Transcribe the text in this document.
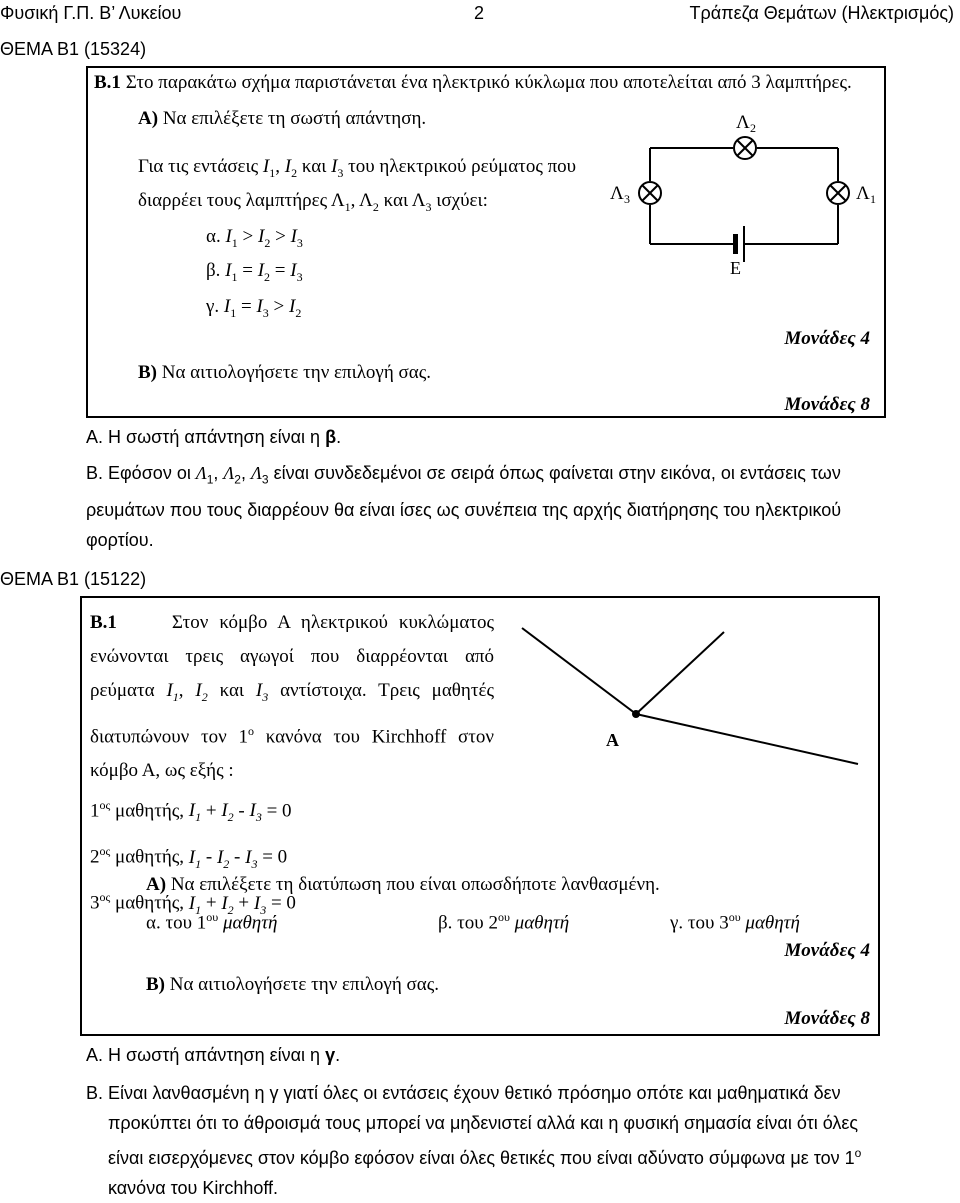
Φυσική Γ.Π. Β’ Λυκείου	2	Τράπεζα Θεμάτων (Ηλεκτρισμός)
ΘΕΜΑ Β1 (15324)
Β.1 Στο παρακάτω σχήμα παριστάνεται ένα ηλεκτρικό κύκλωμα που αποτελείται από 3 λαμπτήρες.
Α) Να επιλέξετε τη σωστή απάντηση.
Για τις εντάσεις $I_1$, $I_2$ και $I_3$ του ηλεκτρικού ρεύματος που
διαρρέει τους λαμπτήρες $\Lambda_1$, $\Lambda_2$ και $\Lambda_3$ ισχύει:
α. $I_1 > I_2 > I_3$
β. $I_1 = I_2 = I_3$
γ. $I_1 = I_3 > I_2$
Λ 2
Λ 3	Λ 1
Ε
Μονάδες 4
Β) Να αιτιολογήσετε την επιλογή σας.
Μονάδες 8
Α. Η σωστή απάντηση είναι η β.
Β. Εφόσον οι $\Lambda_1$, $\Lambda_2$, $\Lambda_3$ είναι συνδεδεμένοι σε σειρά όπως φαίνεται στην εικόνα, οι εντάσεις των
ρευμάτων που τους διαρρέουν θα είναι ίσες ως συνέπεια της αρχής διατήρησης του ηλεκτρικού
φορτίου.
ΘΕΜΑ Β1 (15122)
Β.1	Στον κόμβο Α ηλεκτρικού κυκλώματος
ενώνονται τρεις αγωγοί που διαρρέονται από
ρεύματα $I_1$, $I_2$ και $I_3$ αντίστοιχα. Τρεις μαθητές
διατυπώνουν τον $1^o$ κανόνα του Kirchhoff στον
κόμβο Α, ως εξής :
$1^{o\varsigma}$ μαθητής, $I_1 + I_2 - I_3 = 0$
$2^{o\varsigma}$ μαθητής, $I_1 - I_2 - I_3 = 0$
$3^{o\varsigma}$ μαθητής, $I_1 + I_2 + I_3 = 0$
Α
Α) Να επιλέξετε τη διατύπωση που είναι οπωσδήποτε λανθασμένη.
α. του $1^{o\upsilon}$ μαθητή	β. του $2^{o\upsilon}$ μαθητή	γ. του $3^{o\upsilon}$ μαθητή
Μονάδες 4
Β) Να αιτιολογήσετε την επιλογή σας.
Μονάδες 8
Α. Η σωστή απάντηση είναι η γ.
Β. Είναι λανθασμένη η γ γιατί όλες οι εντάσεις έχουν θετικό πρόσημο οπότε και μαθηματικά δεν
προκύπτει ότι το άθροισμά τους μπορεί να μηδενιστεί αλλά και η φυσική σημασία είναι ότι όλες
είναι εισερχόμενες στον κόμβο εφόσον είναι όλες θετικές που είναι αδύνατο σύμφωνα με τον $1^o$
κανόνα του Kirchhoff.
